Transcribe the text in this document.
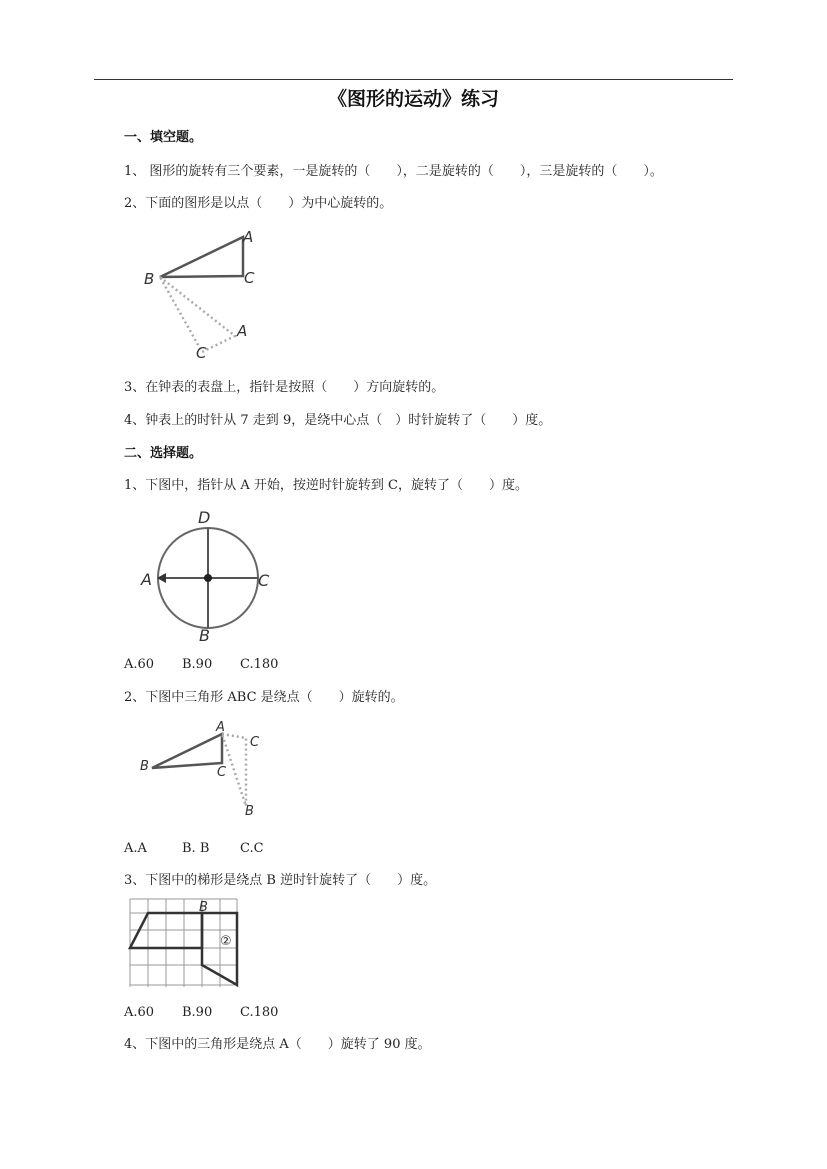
《图形的运动》练习
一、填空题。
1、 图形的旋转有三个要素，一是旋转的（　　），二是旋转的（　　），三是旋转的（　　）。
2、下面的图形是以点（　　）为中心旋转的。
A
B	C
A
C
3、在钟表的表盘上，指针是按照（　　）方向旋转的。
4、钟表上的时针从 7 走到 9，是绕中心点（　）时针旋转了（　　）度。
二、选择题。
1、下图中，指针从 A 开始，按逆时针旋转到 C，旋转了（　　）度。
A
B
C
D
A.60 B.90 C.180
2、下图中三角形 ABC 是绕点（　　）旋转的。
A
B	C
C
B
A.A	B. B C.C
3、下图中的梯形是绕点 B 逆时针旋转了（　　）度。
B
②
A.60 B.90 C.180
4、下图中的三角形是绕点 A（　　）旋转了 90 度。
